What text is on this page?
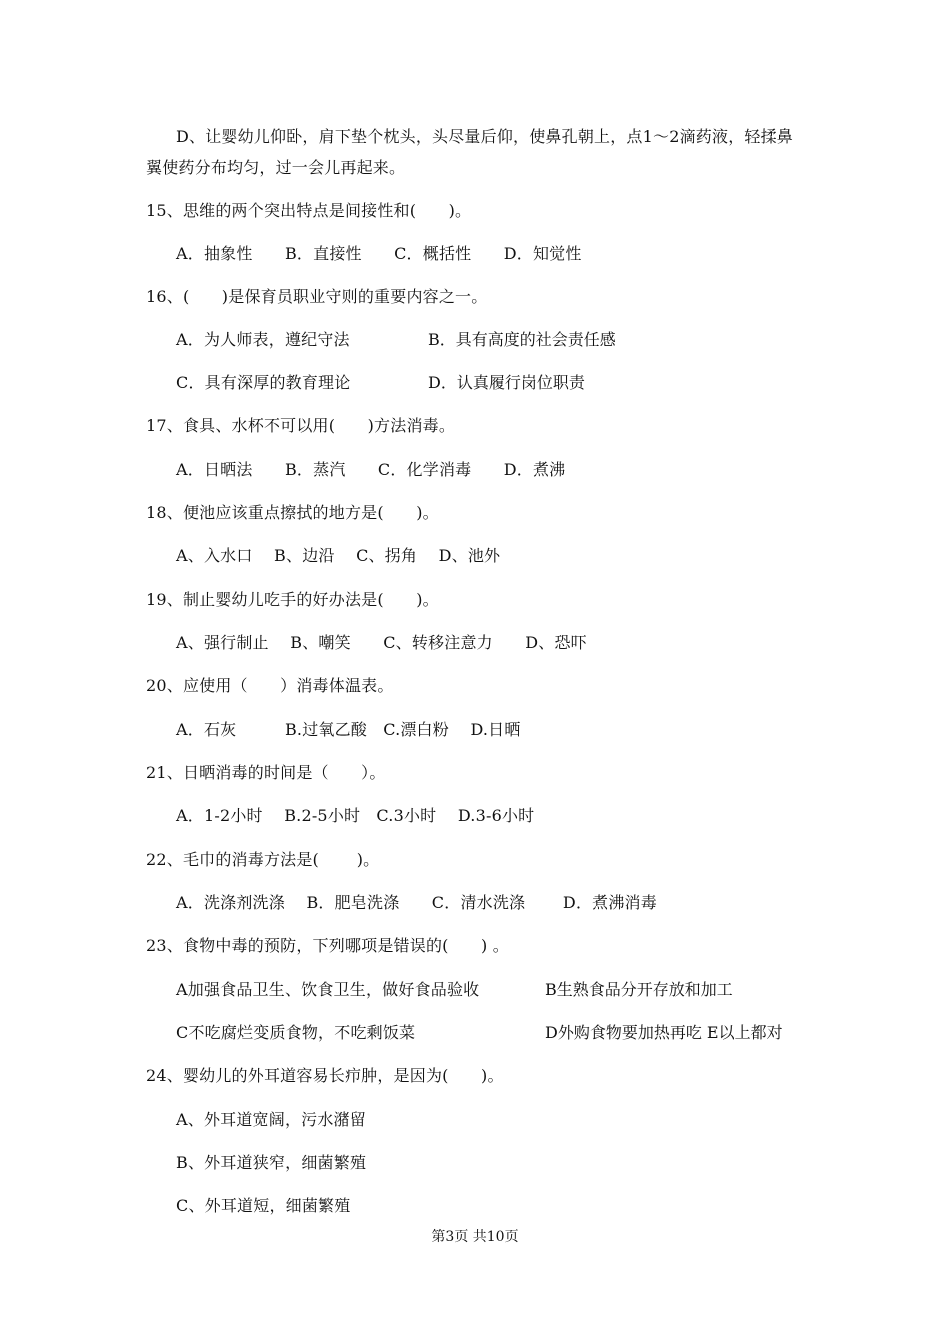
D、让婴幼儿仰卧，肩下垫个枕头，头尽量后仰，使鼻孔朝上，点1～2滴药液，轻揉鼻
翼使药分布均匀，过一会儿再起来。
15、思维的两个突出特点是间接性和(　　)。
A．抽象性　　B．直接性　　C．概括性　　D．知觉性
16、(　　)是保育员职业守则的重要内容之一。
A．为人师表，遵纪守法	B．具有高度的社会责任感
C．具有深厚的教育理论	D．认真履行岗位职责
17、食具、水杯不可以用(　　)方法消毒。
A．日晒法　　B．蒸汽　　C．化学消毒　　D．煮沸
18、便池应该重点擦拭的地方是(　　)。
A、入水口　 B、边沿　 C、拐角　 D、池外
19、制止婴幼儿吃手的好办法是(　　)。
A、强行制止　 B、嘲笑　　C、转移注意力　　D、恐吓
20、应使用（　　）消毒体温表。
A．石灰　　　B.过氧乙酸　C.漂白粉　 D.日晒
21、日晒消毒的时间是（　　）。
A．1-2小时　 B.2-5小时　C.3小时　 D.3-6小时
22、毛巾的消毒方法是(　　 )。
A．洗涤剂洗涤　 B．肥皂洗涤　　C．清水洗涤　　 D．煮沸消毒
23、食物中毒的预防，下列哪项是错误的(　　) 。
A加强食品卫生、饮食卫生，做好食品验收	B生熟食品分开存放和加工
C不吃腐烂变质食物，不吃剩饭菜	D外购食物要加热再吃 E以上都对
24、婴幼儿的外耳道容易长疖肿，是因为(　　)。
A、外耳道宽阔，污水潴留
B、外耳道狭窄，细菌繁殖
C、外耳道短，细菌繁殖
第3页 共10页
